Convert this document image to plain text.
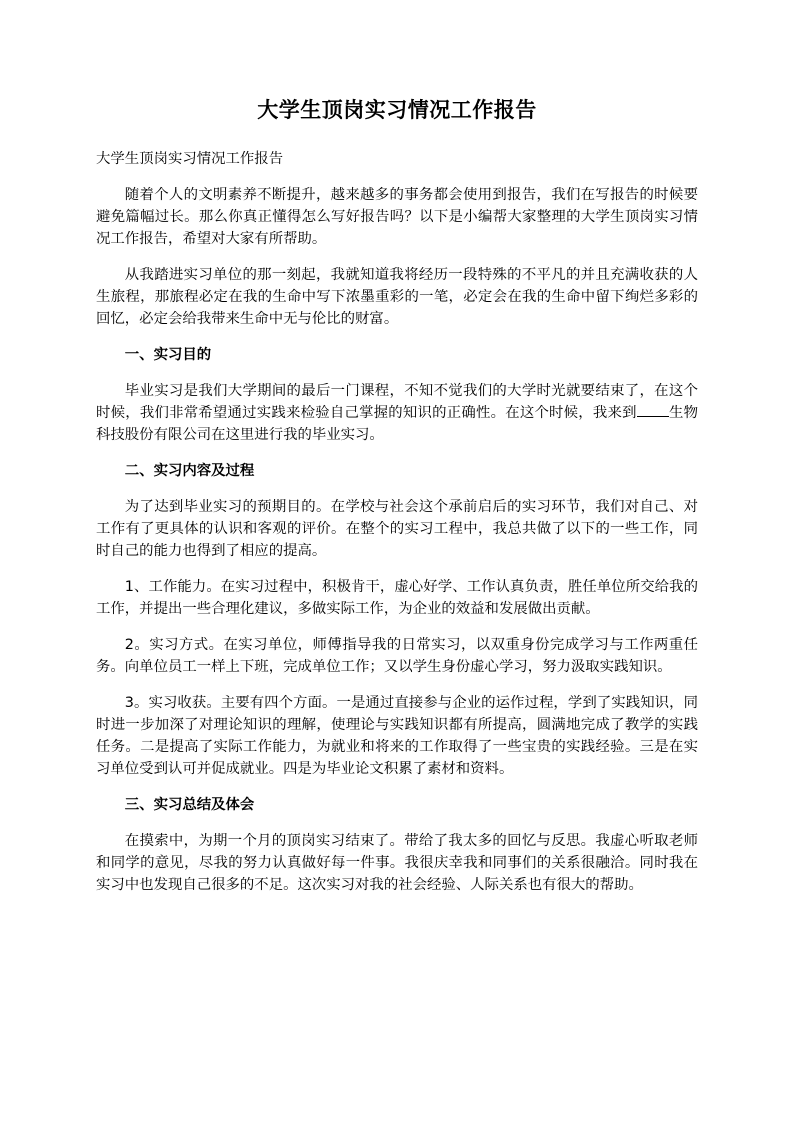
大学生顶岗实习情况工作报告

大学生顶岗实习情况工作报告

随着个人的文明素养不断提升，越来越多的事务都会使用到报告，我们在写报告的时候要避免篇幅过长。那么你真正懂得怎么写好报告吗？以下是小编帮大家整理的大学生顶岗实习情况工作报告，希望对大家有所帮助。

从我踏进实习单位的那一刻起，我就知道我将经历一段特殊的不平凡的并且充满收获的人生旅程，那旅程必定在我的生命中写下浓墨重彩的一笔，必定会在我的生命中留下绚烂多彩的回忆，必定会给我带来生命中无与伦比的财富。

一、实习目的

毕业实习是我们大学期间的最后一门课程，不知不觉我们的大学时光就要结束了，在这个时候，我们非常希望通过实践来检验自己掌握的知识的正确性。在这个时候，我来到 生物科技股份有限公司在这里进行我的毕业实习。

二、实习内容及过程

为了达到毕业实习的预期目的。在学校与社会这个承前启后的实习环节，我们对自己、对工作有了更具体的认识和客观的评价。在整个的实习工程中，我总共做了以下的一些工作，同时自己的能力也得到了相应的提高。

1、工作能力。在实习过程中，积极肯干，虚心好学、工作认真负责，胜任单位所交给我的工作，并提出一些合理化建议，多做实际工作，为企业的效益和发展做出贡献。

2。实习方式。在实习单位，师傅指导我的日常实习，以双重身份完成学习与工作两重任务。向单位员工一样上下班，完成单位工作；又以学生身份虚心学习，努力汲取实践知识。

3。实习收获。主要有四个方面。一是通过直接参与企业的运作过程，学到了实践知识，同时进一步加深了对理论知识的理解，使理论与实践知识都有所提高，圆满地完成了教学的实践任务。二是提高了实际工作能力，为就业和将来的工作取得了一些宝贵的实践经验。三是在实习单位受到认可并促成就业。四是为毕业论文积累了素材和资料。

三、实习总结及体会

在摸索中，为期一个月的顶岗实习结束了。带给了我太多的回忆与反思。我虚心听取老师和同学的意见，尽我的努力认真做好每一件事。我很庆幸我和同事们的关系很融洽。同时我在实习中也发现自己很多的不足。这次实习对我的社会经验、人际关系也有很大的帮助。
